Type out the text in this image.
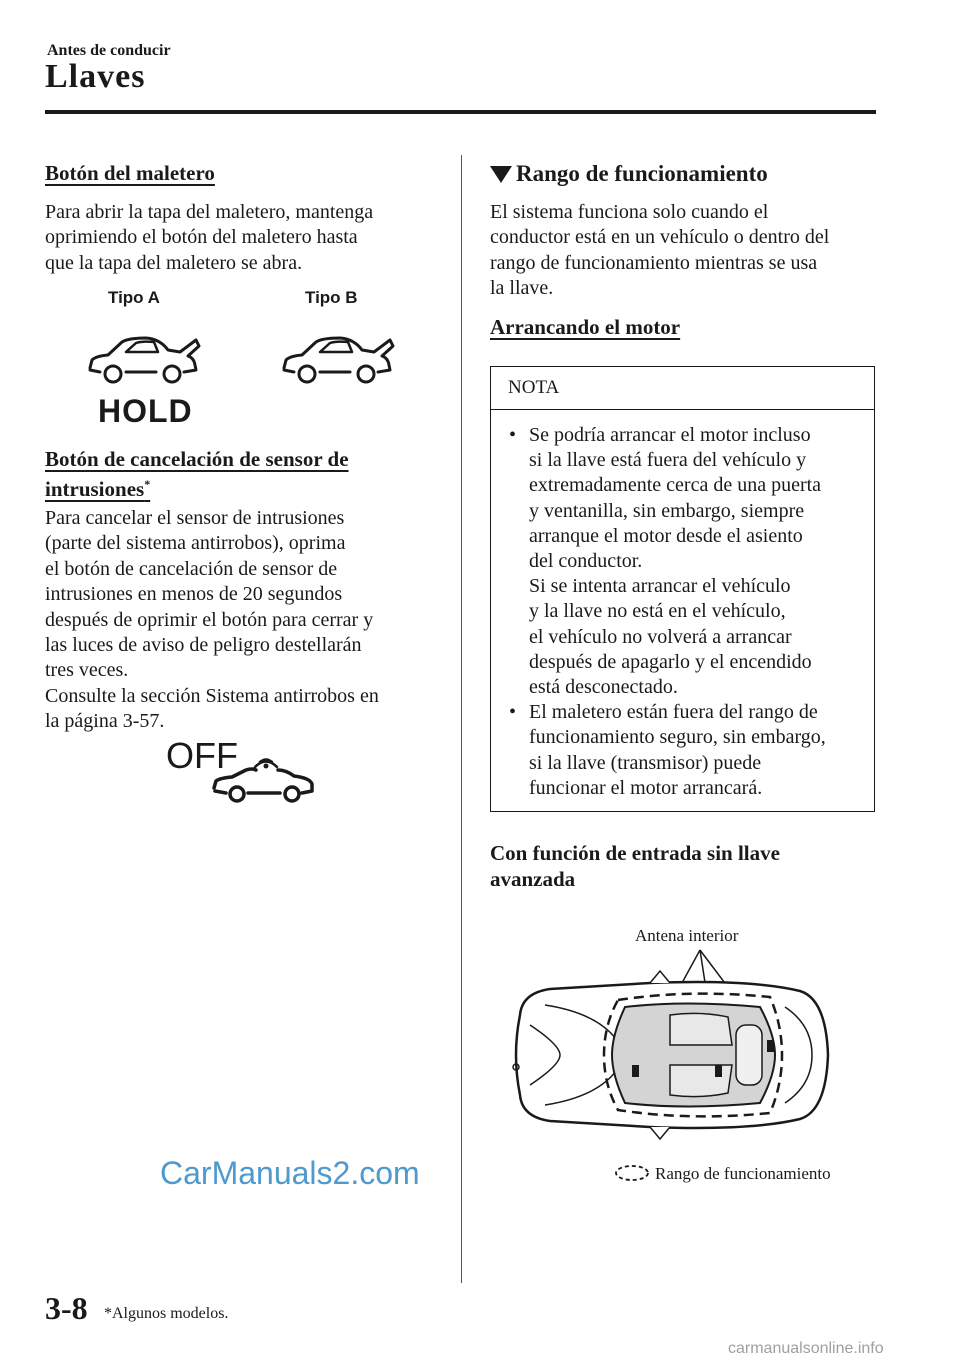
Antes de conducir
Llaves
Botón del maletero
Para abrir la tapa del maletero, mantenga
oprimiendo el botón del maletero hasta
que la tapa del maletero se abra.
Tipo A	Tipo B
HOLD
Botón de cancelación de sensor de
intrusiones*
Para cancelar el sensor de intrusiones
(parte del sistema antirrobos), oprima
el botón de cancelación de sensor de
intrusiones en menos de 20 segundos
después de oprimir el botón para cerrar y
las luces de aviso de peligro destellarán
tres veces.
Consulte la sección Sistema antirrobos en
la página 3-57.
OFF
Rango de funcionamiento
El sistema funciona solo cuando el
conductor está en un vehículo o dentro del
rango de funcionamiento mientras se usa
la llave.
Arrancando el motor
NOTA
• Se podría arrancar el motor incluso
si la llave está fuera del vehículo y
extremadamente cerca de una puerta
y ventanilla, sin embargo, siempre
arranque el motor desde el asiento
del conductor.
Si se intenta arrancar el vehículo
y la llave no está en el vehículo,
el vehículo no volverá a arrancar
después de apagarlo y el encendido
está desconectado.
• El maletero están fuera del rango de
funcionamiento seguro, sin embargo,
si la llave (transmisor) puede
funcionar el motor arrancará.
Con función de entrada sin llave
avanzada
Antena interior
Rango de funcionamiento
CarManuals2.com
3-8 *Algunos modelos.
carmanualsonline.info
